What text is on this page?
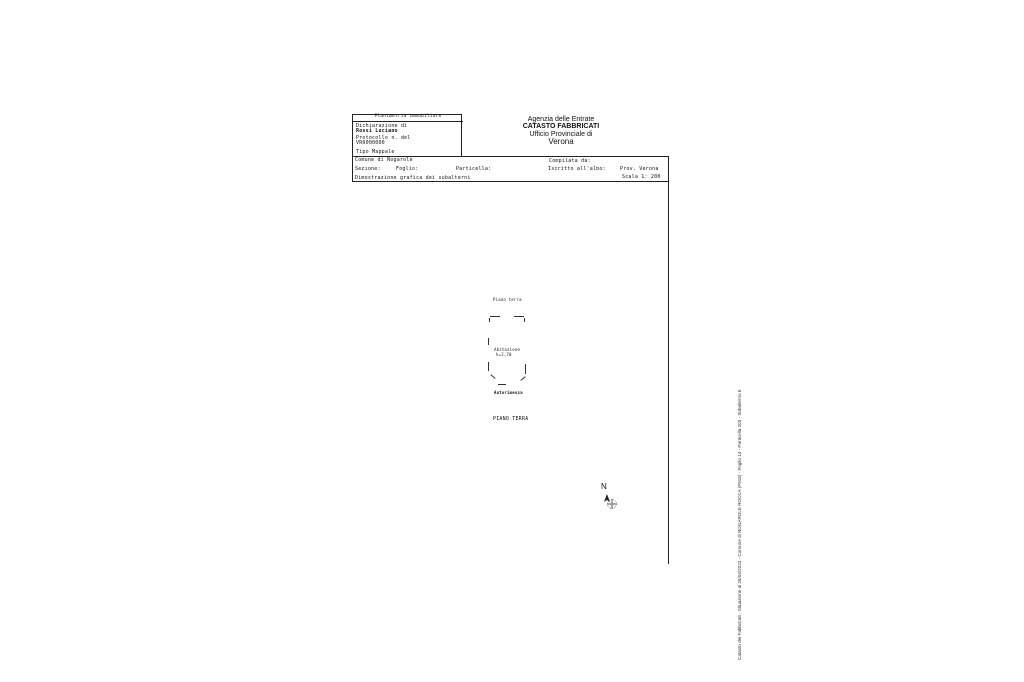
Planimetria immobiliare
Dichiarazione di
Rossi Luciano
Protocollo n. del
VR0000000
Tipo Mappale
Agenzia delle Entrate
CATASTO FABBRICATI
Ufficio Provinciale di
Verona
Comune di Nogarole	Compilata da:
Sezione:	Foglio:	Particella:	Iscritto all'albo:	Prov. Verona
Scala 1: 200
Dimostrazione grafica dei subalterni
Piano terra
Abitazione
h=2,70
Autorimessa
PIANO TERRA
N	Catasto dei Fabbricati - Situazione al 26/04/2023 - Comune di NOGAROLE ROCCA (F918) - Foglio 14 - Particella 203 - Subalterno 6
